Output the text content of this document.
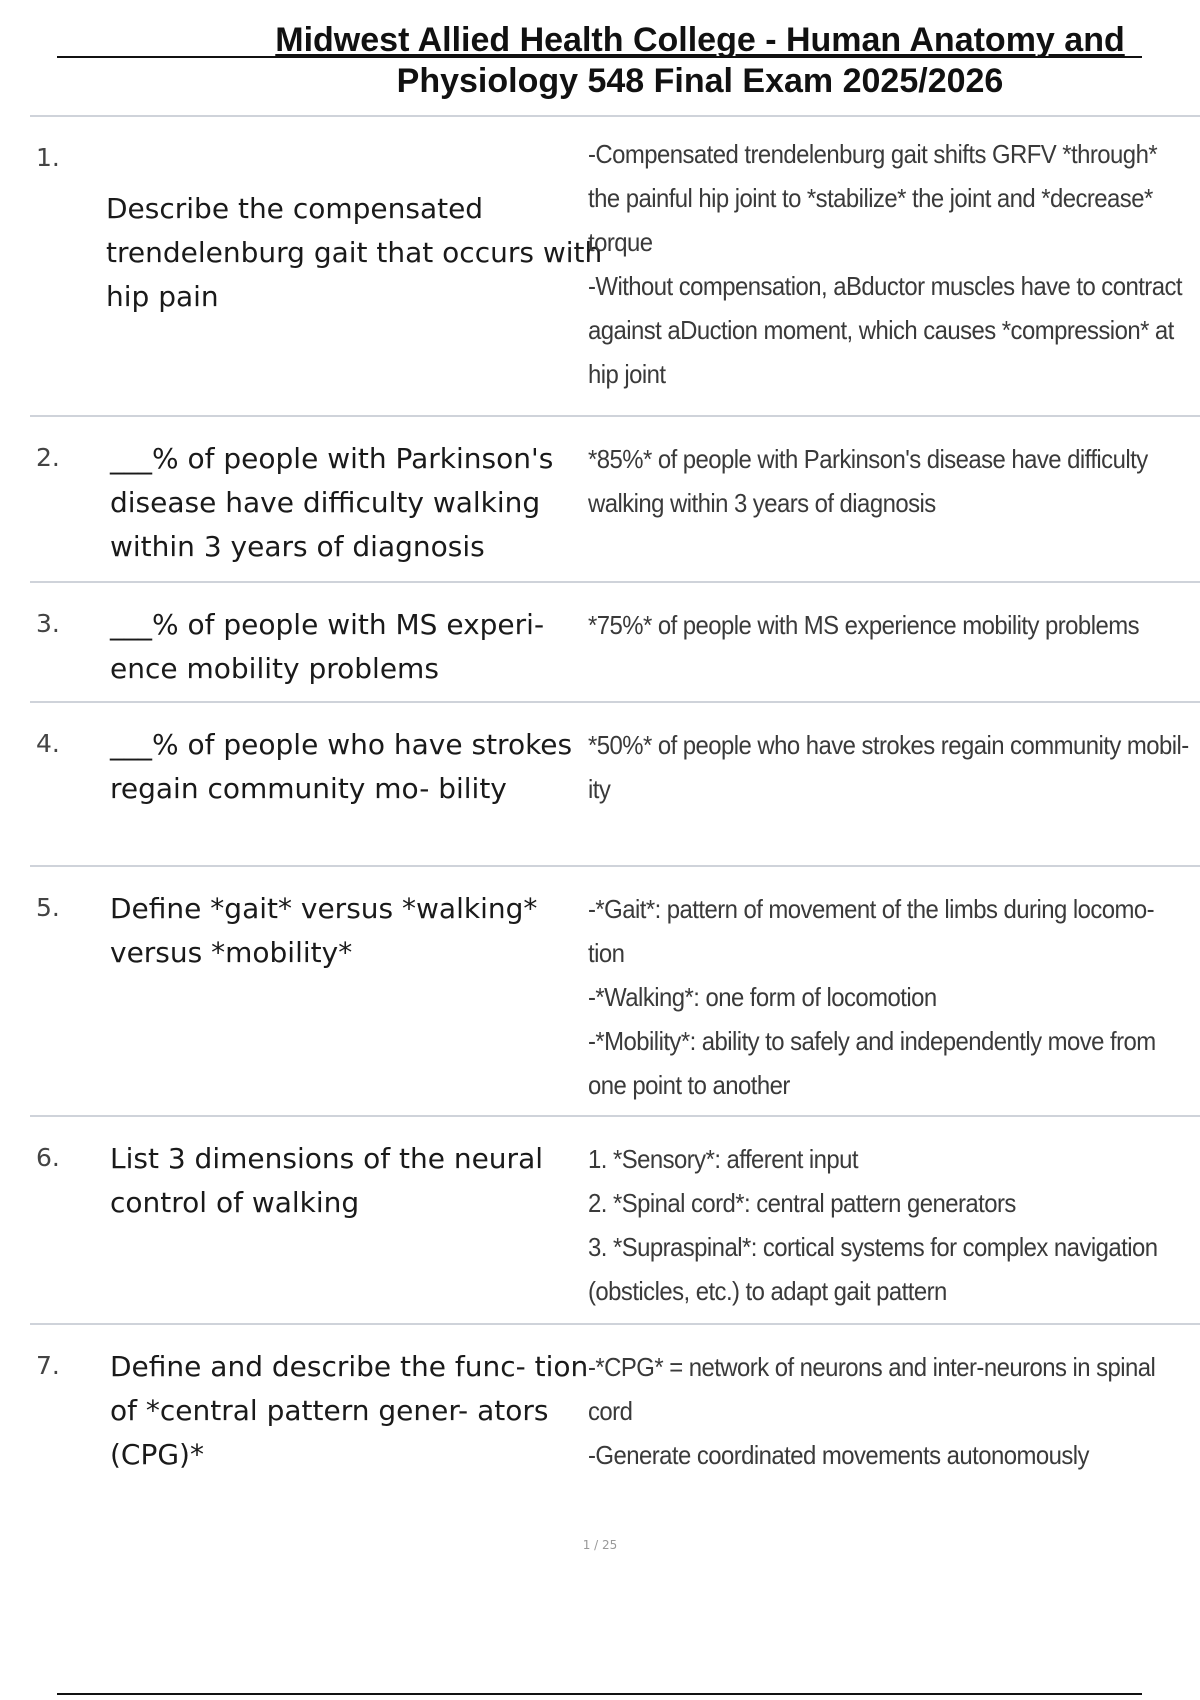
Midwest Allied Health College - Human Anatomy and
Physiology 548 Final Exam 2025/2026
1.
Describe the compensated trendelenburg gait that occurs with hip pain
-Compensated trendelenburg gait shifts GRFV *through*
the painful hip joint to *stabilize* the joint and *decrease*
torque
-Without compensation, aBductor muscles have to contract
against aDuction moment, which causes *compression* at
hip joint
2. ___% of people with Parkinson's disease have difficulty walking within 3 years of diagnosis
*85%* of people with Parkinson's disease have difficulty
walking within 3 years of diagnosis
3. ___% of people with MS experi- ence mobility problems
*75%* of people with MS experience mobility problems
4. ___% of people who have strokes regain community mo- bility
*50%* of people who have strokes regain community mobil-
ity
5. Define *gait* versus *walking* versus *mobility*
-*Gait*: pattern of movement of the limbs during locomo-
tion
-*Walking*: one form of locomotion
-*Mobility*: ability to safely and independently move from
one point to another
6. List 3 dimensions of the neural control of walking
1. *Sensory*: afferent input
2. *Spinal cord*: central pattern generators
3. *Supraspinal*: cortical systems for complex navigation
(obsticles, etc.) to adapt gait pattern
7. Define and describe the func- tion of *central pattern gener- ators (CPG)*
-*CPG* = network of neurons and inter-neurons in spinal
cord
-Generate coordinated movements autonomously
1 / 25
